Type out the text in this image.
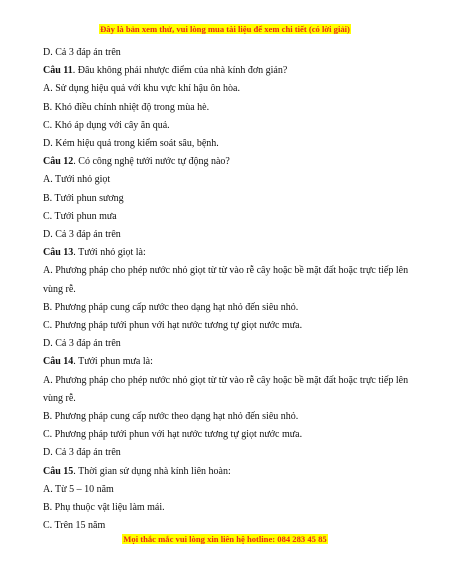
Đây là bản xem thử, vui lòng mua tài liệu để xem chi tiết (có lời giải)
D. Cả 3 đáp án trên
Câu 11. Đâu không phải nhược điểm của nhà kính đơn giản?
A. Sử dụng hiệu quả với khu vực khí hậu ôn hòa.
B. Khó điều chỉnh nhiệt độ trong mùa hè.
C. Khó áp dụng với cây ăn quả.
D. Kém hiệu quả trong kiểm soát sâu, bệnh.
Câu 12. Có công nghệ tưới nước tự động nào?
A. Tưới nhỏ giọt
B. Tưới phun sương
C. Tưới phun mưa
D. Cả 3 đáp án trên
Câu 13. Tưới nhỏ giọt là:
A. Phương pháp cho phép nước nhỏ giọt từ từ vào rễ cây hoặc bề mặt đất hoặc trực tiếp lên vùng rễ.
B. Phương pháp cung cấp nước theo dạng hạt nhỏ đến siêu nhỏ.
C. Phương pháp tưới phun với hạt nước tương tự giọt nước mưa.
D. Cả 3 đáp án trên
Câu 14. Tưới phun mưa là:
A. Phương pháp cho phép nước nhỏ giọt từ từ vào rễ cây hoặc bề mặt đất hoặc trực tiếp lên vùng rễ.
B. Phương pháp cung cấp nước theo dạng hạt nhỏ đến siêu nhỏ.
C. Phương pháp tưới phun với hạt nước tương tự giọt nước mưa.
D. Cả 3 đáp án trên
Câu 15. Thời gian sử dụng nhà kính liên hoàn:
A. Từ 5 – 10 năm
B. Phụ thuộc vật liệu làm mái.
C. Trên 15 năm
Mọi thắc mắc vui lòng xin liên hệ hotline: 084 283 45 85
